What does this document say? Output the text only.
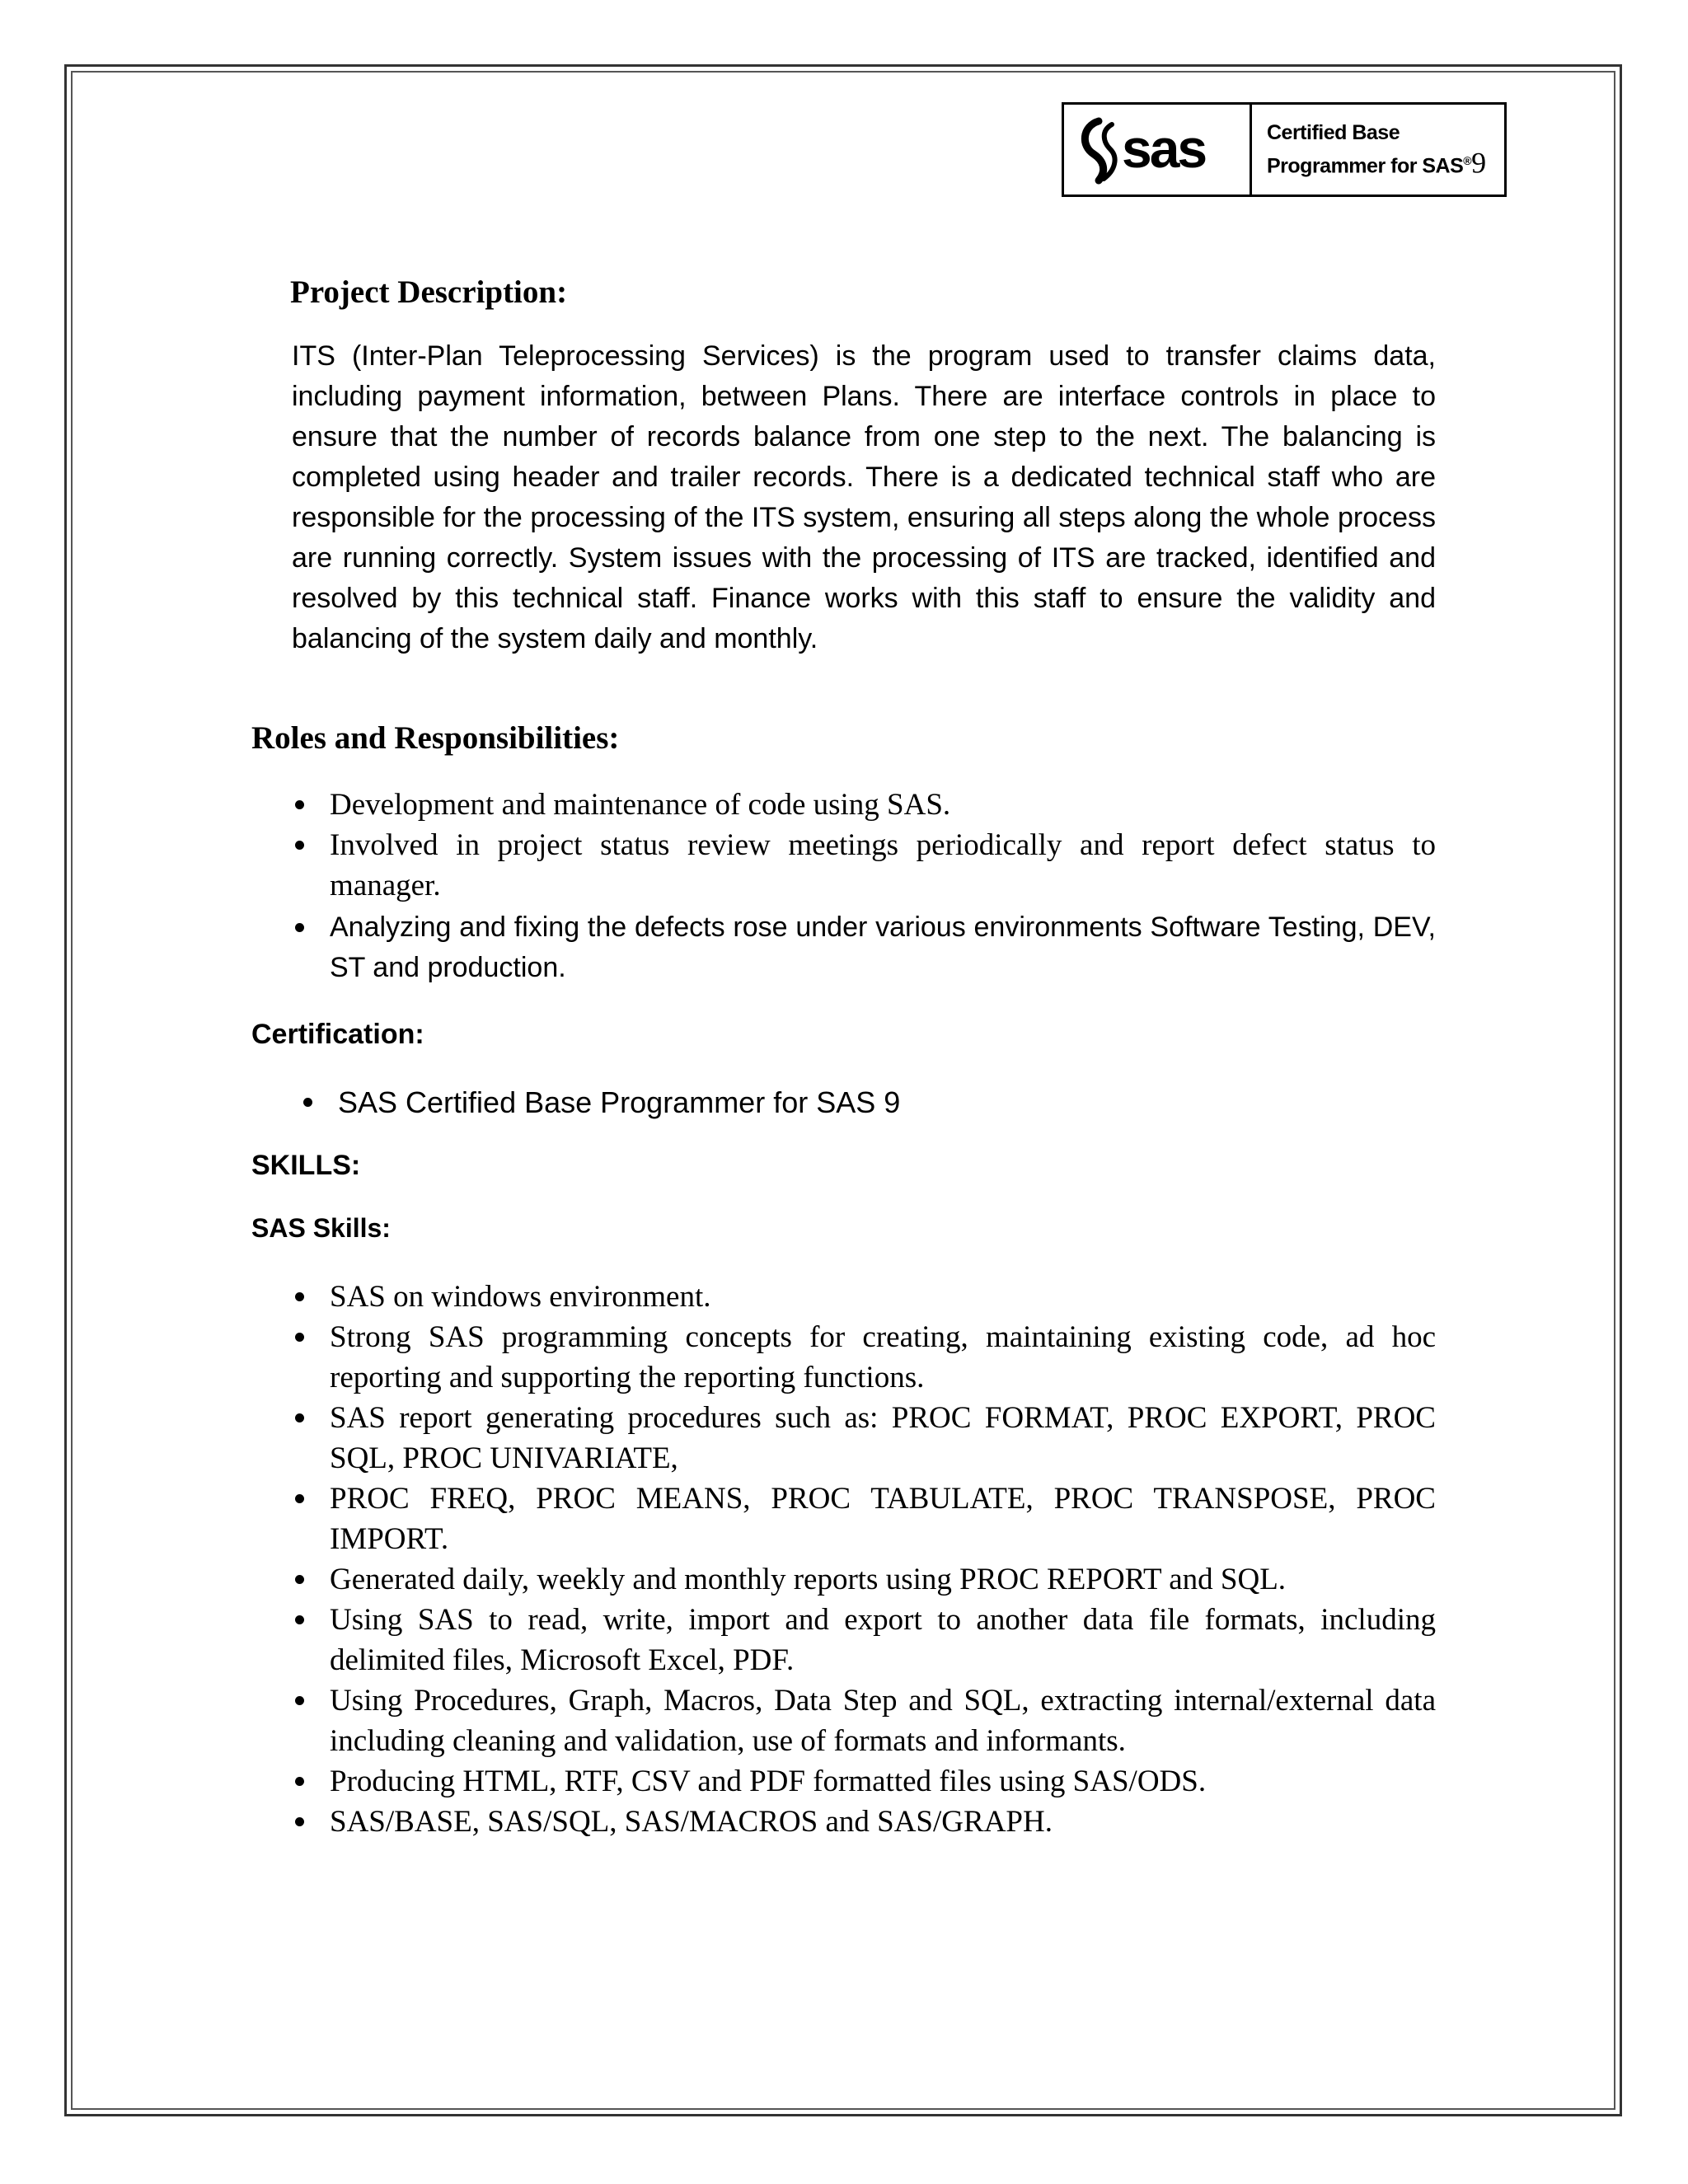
sas	Certified Base
Programmer for SAS®9
Project Description:

ITS (Inter-Plan Teleprocessing Services) is the program used to transfer claims data, including payment information, between Plans. There are interface controls in place to ensure that the number of records balance from one step to the next. The balancing is completed using header and trailer records. There is a dedicated technical staff who are responsible for the processing of the ITS system, ensuring all steps along the whole process are running correctly. System issues with the processing of ITS are tracked, identified and resolved by this technical staff. Finance works with this staff to ensure the validity and balancing of the system daily and monthly.

Roles and Responsibilities:
Development and maintenance of code using SAS.
Involved in project status review meetings periodically and report defect status to manager.
Analyzing and fixing the defects rose under various environments Software Testing, DEV, ST and production.
Certification:
SAS Certified Base Programmer for SAS 9
SKILLS:
SAS Skills:
SAS on windows environment.
Strong SAS programming concepts for creating, maintaining existing code, ad hoc reporting and supporting the reporting functions.
SAS report generating procedures such as: PROC FORMAT, PROC EXPORT, PROC SQL, PROC UNIVARIATE,
PROC FREQ, PROC MEANS, PROC TABULATE, PROC TRANSPOSE, PROC IMPORT.
Generated daily, weekly and monthly reports using PROC REPORT and SQL.
Using SAS to read, write, import and export to another data file formats, including delimited files, Microsoft Excel, PDF.
Using Procedures, Graph, Macros, Data Step and SQL, extracting internal/external data including cleaning and validation, use of formats and informants.
Producing HTML, RTF, CSV and PDF formatted files using SAS/ODS.
SAS/BASE, SAS/SQL, SAS/MACROS and SAS/GRAPH.
